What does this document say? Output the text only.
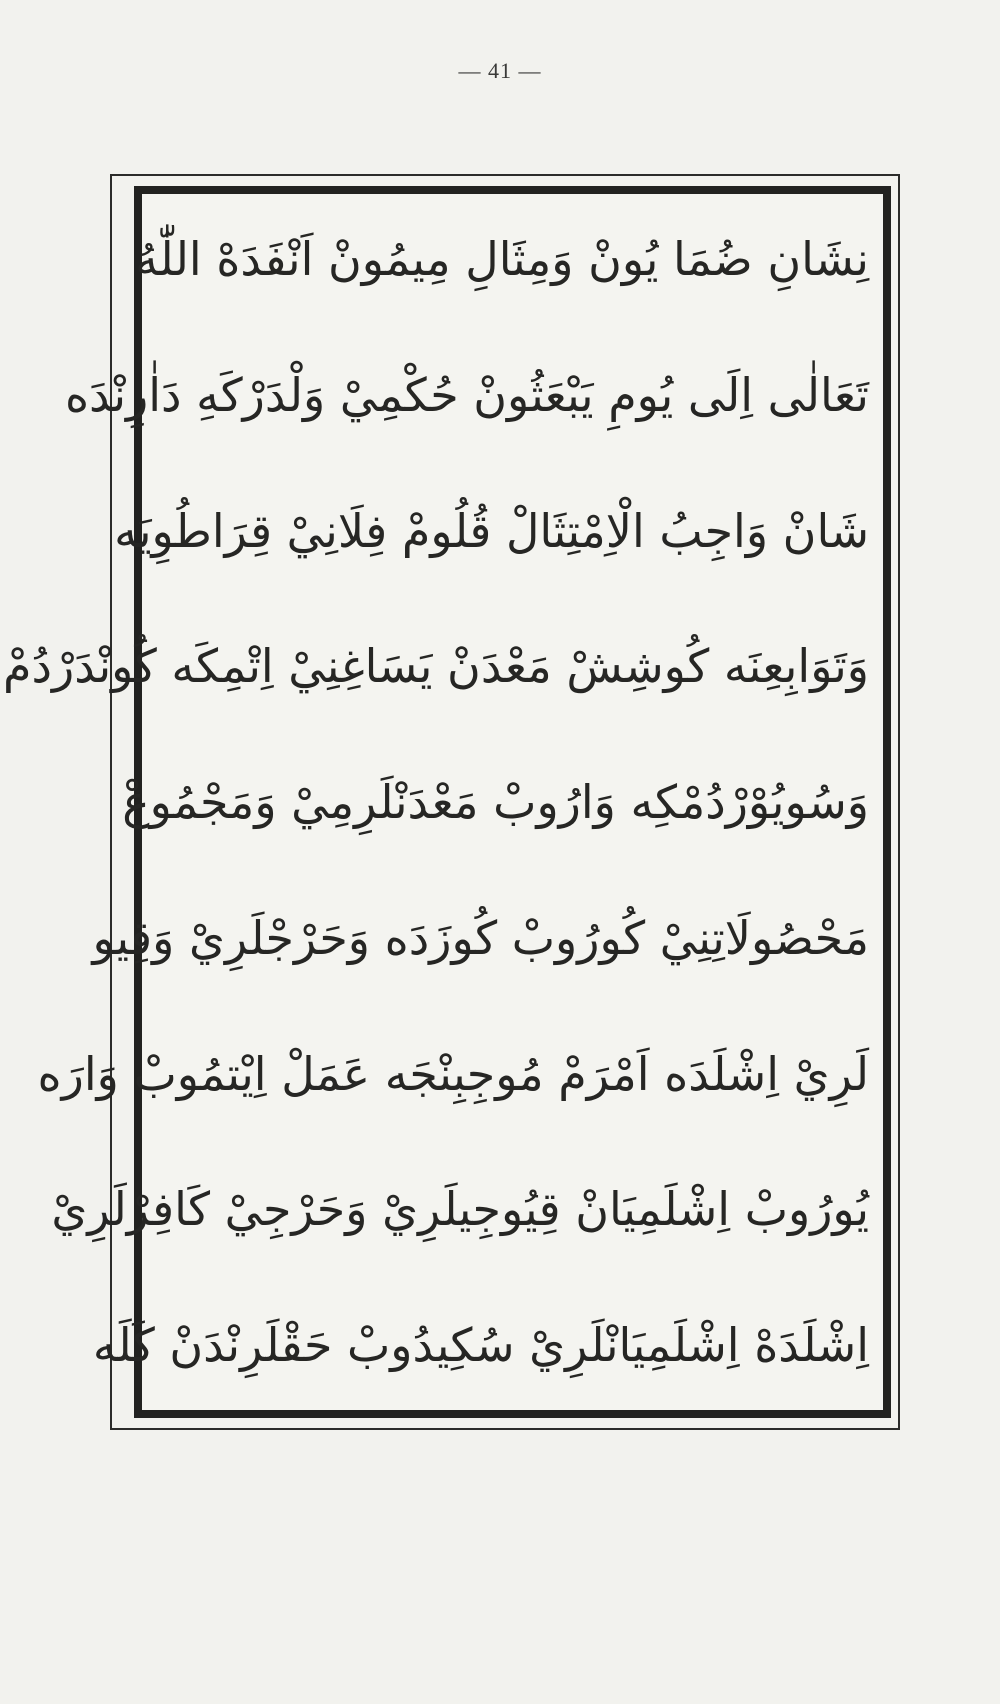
— 41 —
نِشَانِ ضُمَا يُونْ وَمِثَالِ مِيمُونْ اَنْفَدَهْ اللّٰهُ
تَعَالٰى اِلَى يُومِ يَبْعَثُونْ حُكْمِيْ وَلْدَرْكَهِ دَاٰرِنْدَه
شَانْ وَاجِبُ الْاِمْتِثَالْ قُلُومْ فِلَانِيْ قِرَاطُوِيَه
وَتَوَابِعِنَه كُوشِشْ مَعْدَنْ يَسَاغِنِيْ اِتْمِكَه كُونْدَرْدُمْ
وَسُويُوْرْدُمْكِه وَارُوبْ مَعْدَنْلَرِمِيْ وَمَجْمُوعْ
مَحْصُولَاتِنِيْ كُورُوبْ كُوزَدَه وَحَرْجْلَرِيْ وَقِيو
لَرِيْ اِشْلَدَه اَمْرَمْ مُوجِبِنْجَه عَمَلْ اِيْتمُوبْ وَارَه
يُورُوبْ اِشْلَمِيَانْ قِيُوجِيلَرِيْ وَحَرْجِيْ كَافِرْلَرِيْ
اِشْلَدَهْ اِشْلَمِيَانْلَرِيْ سُكِيدُوبْ حَقْلَرِنْدَنْ كَلَه
